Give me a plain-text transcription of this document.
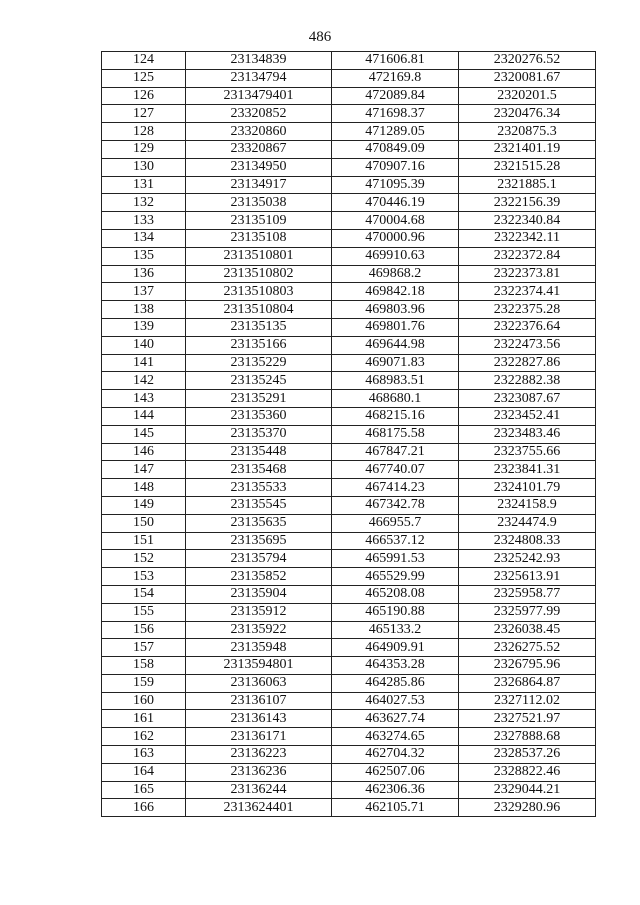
486
124	23134839	471606.81	2320276.52
125	23134794	472169.8	2320081.67
126	2313479401	472089.84	2320201.5
127	23320852	471698.37	2320476.34
128	23320860	471289.05	2320875.3
129	23320867	470849.09	2321401.19
130	23134950	470907.16	2321515.28
131	23134917	471095.39	2321885.1
132	23135038	470446.19	2322156.39
133	23135109	470004.68	2322340.84
134	23135108	470000.96	2322342.11
135	2313510801	469910.63	2322372.84
136	2313510802	469868.2	2322373.81
137	2313510803	469842.18	2322374.41
138	2313510804	469803.96	2322375.28
139	23135135	469801.76	2322376.64
140	23135166	469644.98	2322473.56
141	23135229	469071.83	2322827.86
142	23135245	468983.51	2322882.38
143	23135291	468680.1	2323087.67
144	23135360	468215.16	2323452.41
145	23135370	468175.58	2323483.46
146	23135448	467847.21	2323755.66
147	23135468	467740.07	2323841.31
148	23135533	467414.23	2324101.79
149	23135545	467342.78	2324158.9
150	23135635	466955.7	2324474.9
151	23135695	466537.12	2324808.33
152	23135794	465991.53	2325242.93
153	23135852	465529.99	2325613.91
154	23135904	465208.08	2325958.77
155	23135912	465190.88	2325977.99
156	23135922	465133.2	2326038.45
157	23135948	464909.91	2326275.52
158	2313594801	464353.28	2326795.96
159	23136063	464285.86	2326864.87
160	23136107	464027.53	2327112.02
161	23136143	463627.74	2327521.97
162	23136171	463274.65	2327888.68
163	23136223	462704.32	2328537.26
164	23136236	462507.06	2328822.46
165	23136244	462306.36	2329044.21
166	2313624401	462105.71	2329280.96
